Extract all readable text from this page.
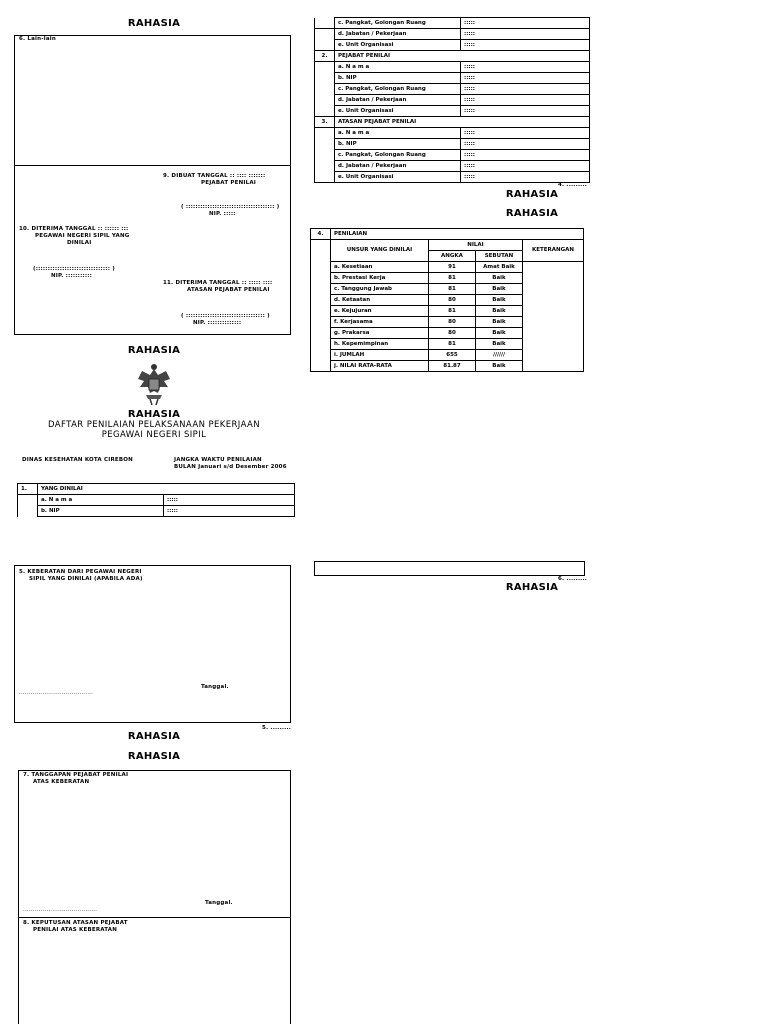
RAHASIA
6. Lain-lain
9. DIBUAT TANGGAL :: :::: :::::::
PEJABAT PENILAI
( ::::::::::::::::::::::::::::::::::::: )
NIP. :::::
10. DITERIMA TANGGAL :: :::::: :::
PEGAWAI NEGERI SIPIL YANG
DINILAI
(::::::::::::::::::::::::::::::: )
NIP. :::::::::::
11. DITERIMA TANGGAL :: ::::: ::::
ATASAN PEJABAT PENILAI
( ::::::::::::::::::::::::::::::::: )
NIP. ::::::::::::::
RAHASIA
RAHASIA
DAFTAR PENILAIAN PELAKSANAAN PEKERJAAN
PEGAWAI NEGERI SIPIL
DINAS KESEHATAN KOTA CIREBON	JANGKA WAKTU PENILAIAN
BULAN Januari s/d Desember 2006
1.	YANG DINILAI	
	a. N a m a	:::::
	b. NIP	:::::
5. KEBERATAN DARI PEGAWAI NEGERI
SIPIL YANG DINILAI (APABILA ADA)
Tanggal.
......................................
5. .........
RAHASIA
RAHASIA
7. TANGGAPAN PEJABAT PENILAI
ATAS KEBERATAN
Tanggal.
......................................
8. KEPUTUSAN ATASAN PEJABAT
PENILAI ATAS KEBERATAN
	c. Pangkat, Golongan Ruang	:::::
	d. Jabatan / Pekerjaan	:::::
	e. Unit Organisasi	:::::
2.	PEJABAT PENILAI	
	a. N a m a	:::::
	b. NIP	:::::
	c. Pangkat, Golongan Ruang	:::::
	d. Jabatan / Pekerjaan	:::::
	e. Unit Organisasi	:::::
3.	ATASAN PEJABAT PENILAI	
	a. N a m a	:::::
	b. NIP	:::::
	c. Pangkat, Golongan Ruang	:::::
	d. Jabatan / Pekerjaan	:::::
	e. Unit Organisasi	:::::
4. .........
RAHASIA
RAHASIA
4.	PENILAIAN			
	UNSUR YANG DINILAI	NILAI		KETERANGAN
		ANGKA	SEBUTAN	
	a. Kesetiaan	91	Amat Baik	
	b. Prestasi Kerja	81	Baik	
	c. Tanggung Jawab	81	Baik	
	d. Ketaatan	80	Baik	
	e. Kejujuran	81	Baik	
	f. Kerjasama	80	Baik	
	g. Prakarsa	80	Baik	
	h. Kepemimpinan	81	Baik	
	i. JUMLAH	655	//////	
	j. NILAI RATA-RATA	81.87	Baik	
6. .........
RAHASIA
